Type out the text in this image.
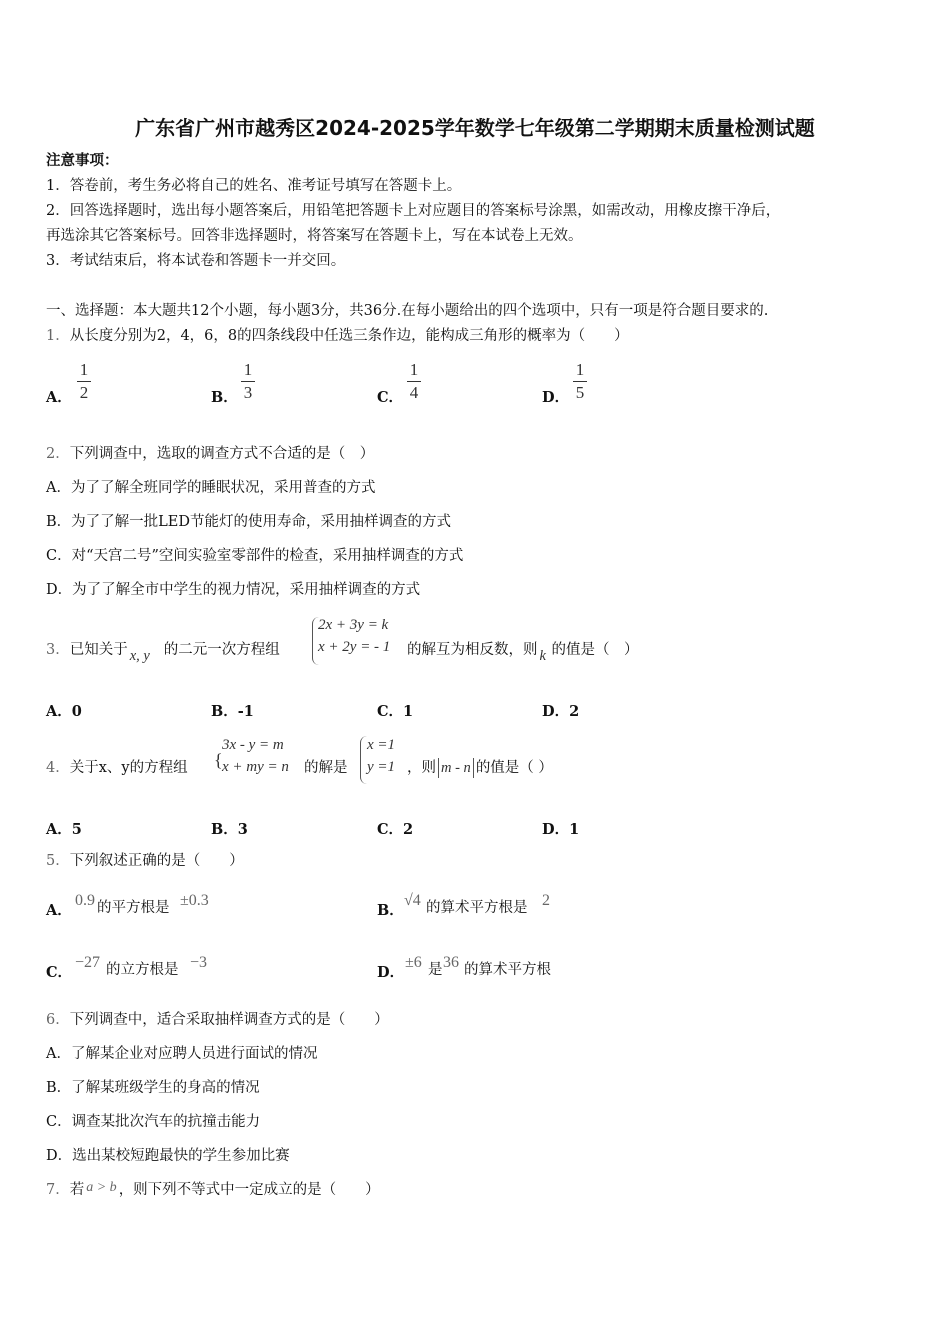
广东省广州市越秀区2024-2025学年数学七年级第二学期期末质量检测试题
注意事项：
1．答卷前，考生务必将自己的姓名、准考证号填写在答题卡上。
2．回答选择题时，选出每小题答案后，用铅笔把答题卡上对应题目的答案标号涂黑，如需改动，用橡皮擦干净后，
再选涂其它答案标号。回答非选择题时，将答案写在答题卡上，写在本试卷上无效。
3．考试结束后，将本试卷和答题卡一并交回。
一、选择题：本大题共12个小题，每小题3分，共36分.在每小题给出的四个选项中，只有一项是符合题目要求的.
1．从长度分别为2，4，6，8的四条线段中任选三条作边，能构成三角形的概率为（　　）
A．
1
2	B．
1
3	C．
1
4	D．
1
5
2．下列调查中，选取的调查方式不合适的是（　）
A．为了了解全班同学的睡眠状况，采用普查的方式
B．为了了解一批LED节能灯的使用寿命，采用抽样调查的方式
C．对“天宫二号”空间实验室零部件的检查，采用抽样调查的方式
D．为了了解全市中学生的视力情况，采用抽样调查的方式
3．已知关于 x, y 的二元一次方程组
2x + 3y = k
x + 2y = - 1 的解互为相反数，则 k 的值是（　）
A．0	B．-1	C．1	D．2
4．关于x、y的方程组 {
3x - y = m
x + my = n 的解是
x =1
y =1 ，则 m - n 的值是（ ）
A．5	B．3	C．2	D．1
5．下列叙述正确的是（　　）
A．
0.9 的平方根是 ±0.3
B．
√4 的算术平方根是 2
C．
−27 的立方根是 −3
D．
±6 是 36 的算术平方根
6．下列调查中，适合采取抽样调查方式的是（　　）
A．了解某企业对应聘人员进行面试的情况
B．了解某班级学生的身高的情况
C．调查某批次汽车的抗撞击能力
D．选出某校短跑最快的学生参加比赛
7．若 a > b ，则下列不等式中一定成立的是（　　）
